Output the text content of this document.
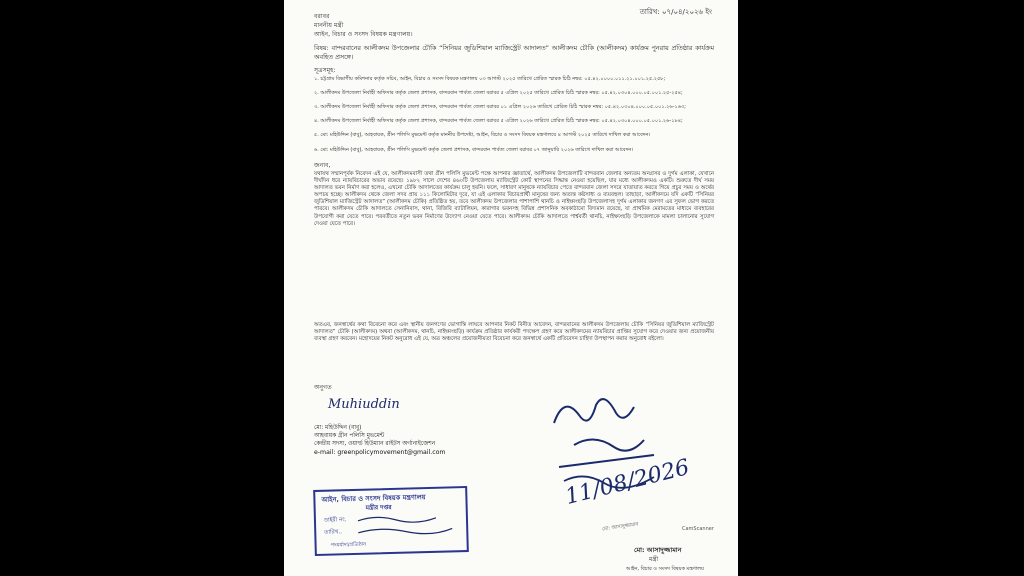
তারিখ: ০৭/০৪/২০২৬ ইং
বরাবর
মাননীয় মন্ত্রী
আইন, বিচার ও সংসদ বিষয়ক মন্ত্রণালয়।
বিষয়: বান্দরবানের আলীকদম উপজেলার চৌকি “সিনিয়র জুডিশিয়াল ম্যাজিস্ট্রেট আদালত” আলীকদম চৌকি (আলীকদম) কার্যক্রম পুনরায় প্রতিষ্ঠার কার্যক্রম অবহিত প্রসঙ্গে।
সূত্রসমূহ:
১. চট্টগ্রাম বিভাগীয় কমিশনার কর্তৃক সচিব, আইন, বিচার ও সংসদ বিষয়ক মন্ত্রণালয় ০৩ আগস্ট ২০২৫ তারিখে প্রেরিত স্মারক চিঠি নম্বর: ০৫.৪২.০০০০.০১১.২১.০০১.২৫.২৫৮;
২. আলীকদম উপজেলা নির্বাহী অফিসার কর্তৃক জেলা প্রশাসক, বান্দরবান পার্বত্য জেলা বরাবর ৫ এপ্রিল ২০২৫ তারিখে প্রেরিত চিঠি স্মারক নম্বর: ০৫.৪২.০৩০৪.০০০.০৫.০০১.২৫-২৫৪;
৩. আলীকদম উপজেলা নির্বাহী অফিসার কর্তৃক জেলা প্রশাসক, বান্দরবান পার্বত্য জেলা বরাবর ০১ এপ্রিল ২০২৬ তারিখে প্রেরিত চিঠি স্মারক নম্বর: ০৫.৪২.০৩০৪.০০০.০৫.০০১.২৬-১৬৩;
৪. আলীকদম উপজেলা নির্বাহী অফিসার কর্তৃক জেলা প্রশাসক, বান্দরবান পার্বত্য জেলা বরাবর ৫ এপ্রিল ২০২৬ তারিখে প্রেরিত চিঠি স্মারক নম্বর: ০৫.৪২.০৩০৪.০০০.০৫.০০১.২৬-১৮৪;
৫. মো: মহিউদ্দিন (বাবু), আহবায়ক, গ্রীন পলিসি মুভমেন্ট কর্তৃক মাননীয় উপদেষ্টা, আইন, বিচার ও সংসদ বিষয়ক মন্ত্রণালয়ে ৪ আগস্ট ২০২৫ তারিখে দাখিল করা আবেদন।
৬. মো: মহিউদ্দিন (বাবু), আহবায়ক, গ্রীন পলিসি মুভমেন্ট কর্তৃক জেলা প্রশাসক, বান্দরবান পার্বত্য জেলা বরাবর ০৭ জানুয়ারি ২০২৬ তারিখে দাখিল করা আবেদন।
জনাব,
যথাযথ সম্মানপূর্বক নিবেদন এই যে, আলীকদমবাসী তথা গ্রীন পলিসি মুভমেন্ট পক্ষে আপনার জ্ঞাতার্থে, আলীকদম উপজেলাটি বান্দরবান জেলার অন্যতম অনগ্রসর ও দুর্গম এলাকা, যেখানে দীর্ঘদিন ধরে ন্যায়বিচারের অভাব রয়েছে। ১৯৮২ সালে দেশের ৪৬০টি উপজেলায় ম্যাজিস্ট্রেট কোর্ট স্থাপনের সিদ্ধান্ত নেওয়া হয়েছিল, যার মধ্যে আলীকদমও একটি। শুরুতে দীর্ঘ সময় আদালত ভবন নির্মাণ করা হলেও, এখনো চৌকি আদালতের কার্যক্রম চালু হয়নি। ফলে, সাধারণ মানুষকে ন্যায়বিচার পেতে বান্দরবান জেলা সদরে যাতায়াত করতে গিয়ে প্রচুর সময় ও অর্থের অপচয় হচ্ছে। আলীকদম থেকে জেলা সদর প্রায় ১১১ কিলোমিটার দূরে, যা এই এলাকার বিচারপ্রার্থী মানুষের জন্য অত্যন্ত কষ্টসাধ্য ও ব্যয়বহুল। তাছাড়া, আলীকদমে যদি একটি “সিনিয়র জুডিশিয়াল ম্যাজিস্ট্রেট আদালত” (আলীকদম চৌকি) প্রতিষ্ঠিত হয়, তবে আলীকদম উপজেলার পাশাপাশি থানচি ও নাইক্ষ্যংছড়ি উপজেলাসহ দুর্গম এলাকার জনগণ এর সুফল ভোগ করতে পারবে। আলীকদম চৌকি আদালতে সেনানিবাস, থানা, বিজিবি ব্যাটালিয়ন, কারাগার ভবনসহ বিভিন্ন প্রশাসনিক অবকাঠামো বিদ্যমান রয়েছে, যা প্রাথমিক মেরামতের মাধ্যমে ব্যবহারের উপযোগী করা যেতে পারে। পরবর্তীতে নতুন ভবন নির্মাণের উদ্যোগ নেওয়া যেতে পারে। আলীকদম চৌকি আদালতে পার্শ্ববর্তী থানচি, নাইক্ষ্যংছড়ি উপজেলাকে মামলা চালানোর সুযোগ দেওয়া যেতে পারে।
অতএব, জনস্বার্থের কথা বিবেচনা করে এবং স্থানীয় জনগণের ভোগান্তি লাঘবে আপনার নিকট বিনীত আবেদন, বান্দরবানের আলীকদম উপজেলায় চৌকি “সিনিয়র জুডিশিয়াল ম্যাজিস্ট্রেট আদালত” চৌকি (আলীকদম) অথবা (আলীকদম, থানচি, নাইক্ষ্যংছড়ি) কার্যক্রম প্রতিষ্ঠার কার্যকরী পদক্ষেপ গ্রহণ করে আলীকদমের ন্যায়বিচার প্রাপ্তির সুযোগ করে দেওয়ার জন্য প্রয়োজনীয় ব্যবস্থা গ্রহণ করবেন। মহোদয়ের নিকট অনুরোধ এই যে, অত্র অঞ্চলের প্রয়োজনীয়তা বিবেচনা করে জনস্বার্থে একটি প্রতিবেদন চাহিদা উপস্থাপন করার অনুরোধ রইলো।
অনুগত
Muhiuddin
মো: মহিউদ্দিন (বাবু)
আহবায়ক গ্রীন পলিসি মুভমেন্ট
কেন্দ্রীয় সদস্য, ওয়ার্ল্ড হিউম্যান রাইটস অর্গানাইজেশন
e-mail: greenpolicymovement@gmail.com
আইন, বিচার ও সংসদ বিষয়ক মন্ত্রণালয়
মন্ত্রীর দপ্তর
ডাইরী নং.
তারিখ..
পদমর্যাদা/প্রতিষ্ঠান
11/08/2026
মো: আসাদুজ্জামান	CamScanner
মো: আসাদুজ্জামান
মন্ত্রী
আইন, বিচার ও সংসদ বিষয়ক মন্ত্রণালয়
